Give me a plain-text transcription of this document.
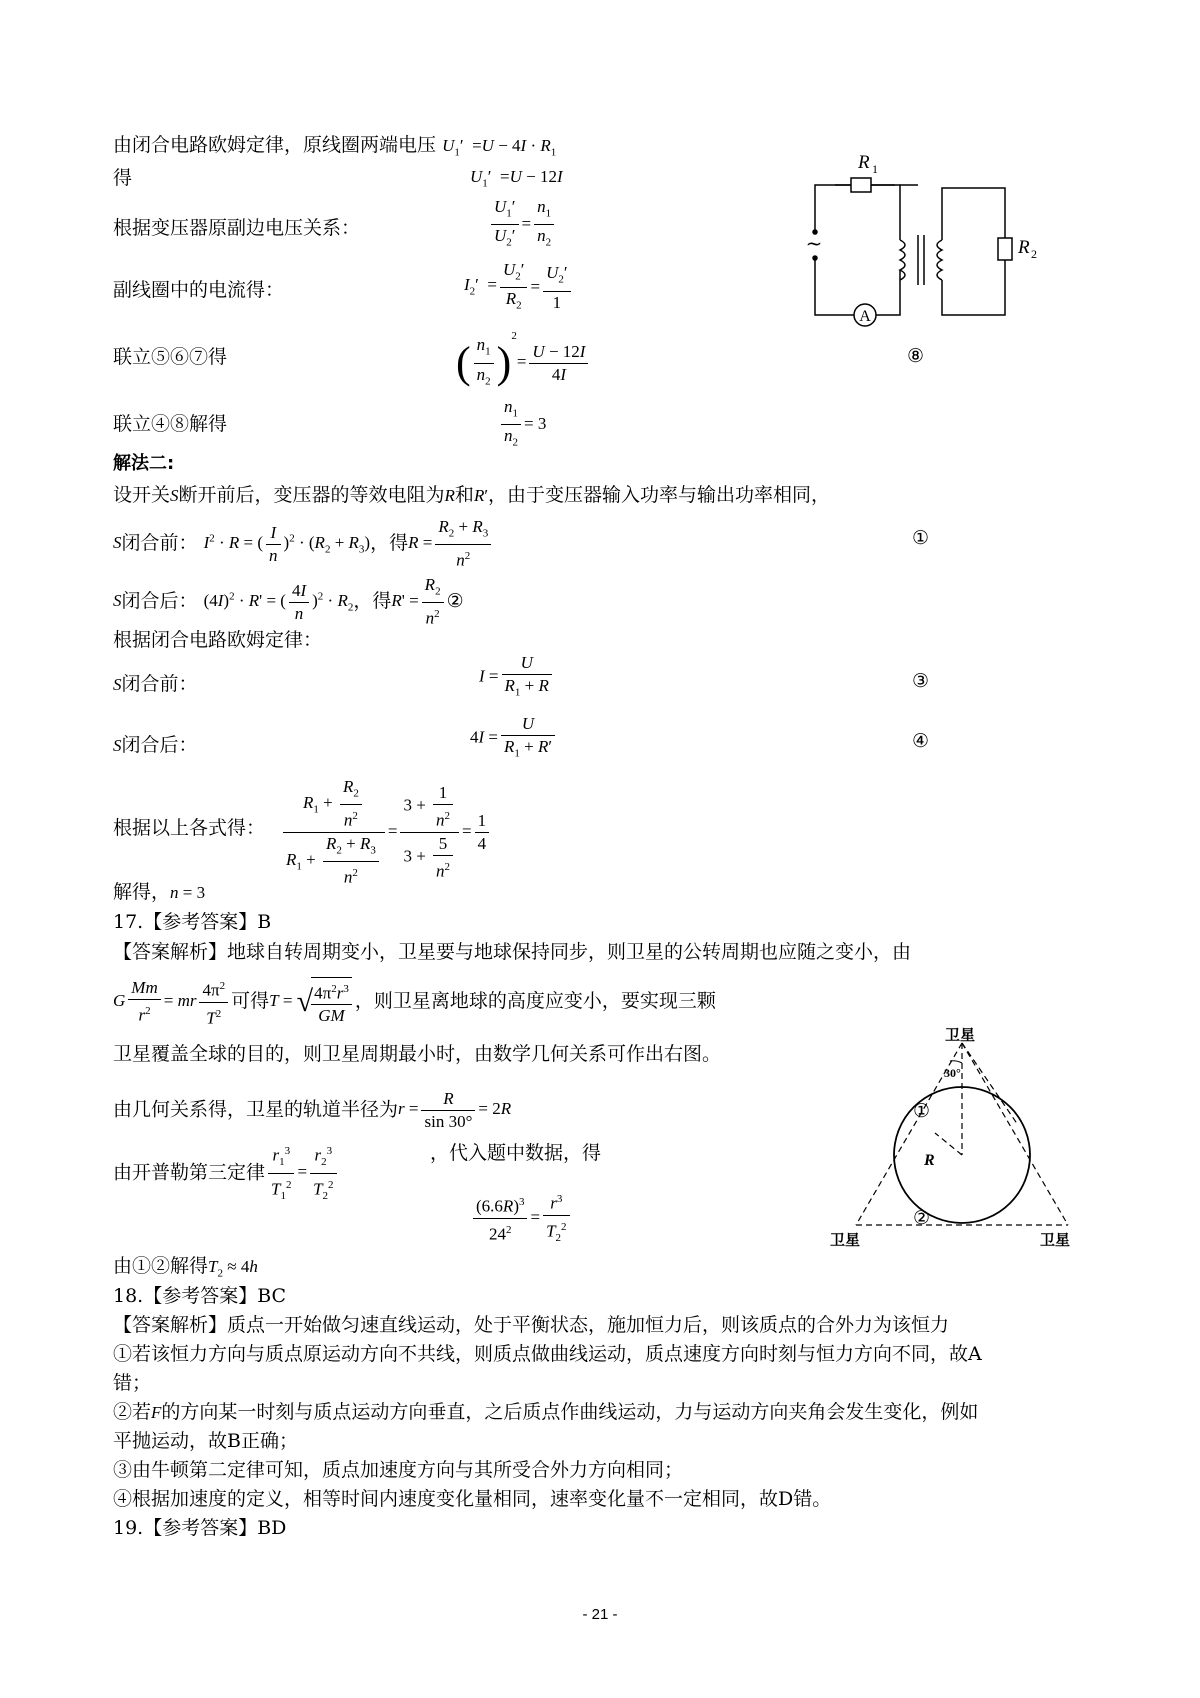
由闭合电路欧姆定律，原线圈两端电压 $U_1' =U - 4I \cdot R_1$
得	$U_1' =U - 12I$
根据变压器原副边电压关系：	$\frac{U_1'}{U_2'} = \frac{n_1}{n_2}$
副线圈中的电流得：	$I_2' = \frac{U_2'}{R_2} = \frac{U_2'}{1}$
联立⑤⑥⑦得	( $\frac{n_1}{n_2} )^2= \frac{U - 12I}{4I}$
联立④⑧解得	$\frac{n_1}{n_2} = 3$
~
R 1
R 2
A
⑧
解法二:
设开关S断开前后，变压器的等效电阻为R和R′，由于变压器输入功率与输出功率相同，
S闭合前： $I^2 \cdot R$ = ( $\frac{I}{n} )^2 \cdot (R_2 + R_3)$，得$R = \frac{R_2 + R_3}{n^2}$	①
S闭合后： $(4I)^2 \cdot R'$ = ( $\frac{4I}{n} )^2 \cdot R_2$，得$R' = \frac{R_2}{n^2}$ ②
根据闭合电路欧姆定律：
S闭合前：	$I = \frac{U}{R_1 + R}$	③
S闭合后：	$4I = \frac{U}{R_1 + R'}$	④
根据以上各式得： $\frac{R_1 + \frac{R_2}{n^2}}{R_1 + \frac{R_2 + R_3}{n^2}} = \frac{3 + \frac{1}{n^2}}{3 + \frac{5}{n^2}} = \frac{1}{4}$
解得，n = 3
17.【参考答案】B
【答案解析】地球自转周期变小，卫星要与地球保持同步，则卫星的公转周期也应随之变小，由
G $\frac{Mm}{r^2}$ = mr $\frac{4\pi^2}{T^2}$ 可得T = √
$\frac{4\pi^2r^3}{GM}$ ，则卫星离地球的高度应变小，要实现三颗
卫星覆盖全球的目的，则卫星周期最小时，由数学几何关系可作出右图。
由几何关系得，卫星的轨道半径为$r = \frac{R}{\sin 30^\circ} = 2R$
由开普勒第三定律 $\frac{r_1^3}{T_1^2} = \frac{r_2^3}{T_2^2}$	，代入题中数据，得
$\frac{(6.6R)^3}{24^2} = \frac{r^3}{T_2^2}$
由①②解得$T_2 \approx 4h$
卫星
卫星	卫星
30°
R
①
②
18.【参考答案】BC
【答案解析】质点一开始做匀速直线运动，处于平衡状态，施加恒力后，则该质点的合外力为该恒力
①若该恒力方向与质点原运动方向不共线，则质点做曲线运动，质点速度方向时刻与恒力方向不同，故A
错；
②若F的方向某一时刻与质点运动方向垂直，之后质点作曲线运动，力与运动方向夹角会发生变化，例如
平抛运动，故B正确；
③由牛顿第二定律可知，质点加速度方向与其所受合外力方向相同；
④根据加速度的定义，相等时间内速度变化量相同，速率变化量不一定相同，故D错。
19.【参考答案】BD
- 21 -
